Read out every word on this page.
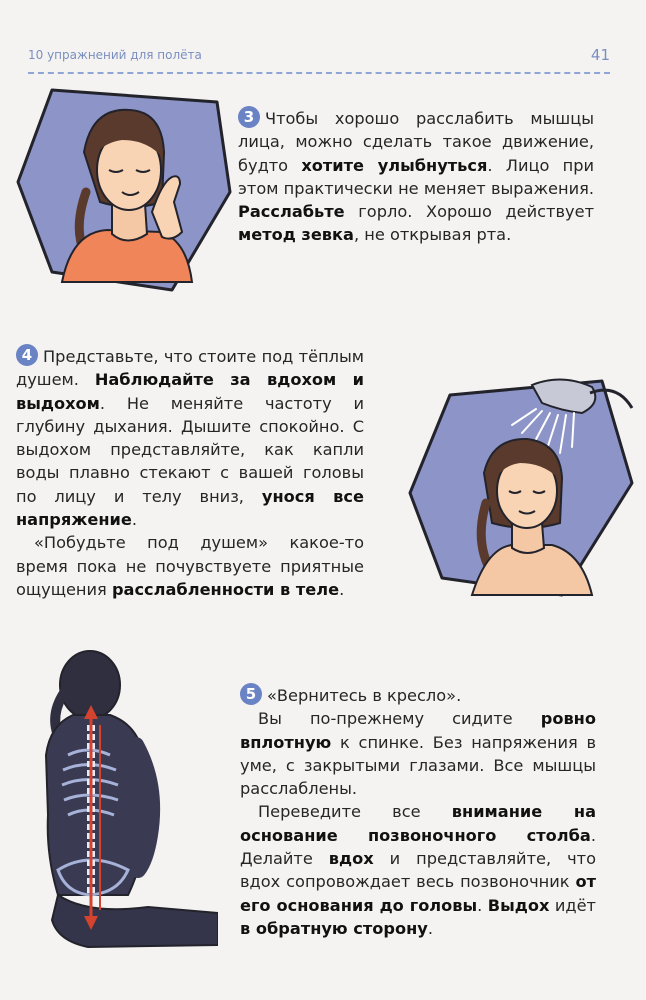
10 упражнений для полёта	41

3 Чтобы хорошо расслабить мышцы лица, можно сделать такое движение, будто хотите улыбнуться. Лицо при этом практически не меняет выражения. Расслабьте горло. Хорошо действует метод зевка, не открывая рта.

4 Представьте, что стоите под тёплым душем. Наблюдайте за вдохом и выдохом. Не меняйте частоту и глубину дыхания. Дышите спокойно. С выдохом представляйте, как капли воды плавно стекают с вашей головы по лицу и телу вниз, унося все напряжение.

«Побудьте под душем» какое-то время пока не почувствуете приятные ощущения расслабленности в теле.

5 «Вернитесь в кресло».

Вы по-прежнему сидите ровно вплотную к спинке. Без напряжения в уме, с закрытыми глазами. Все мышцы расслаблены.

Переведите все внимание на основание позвоночного столба. Делайте вдох и представляйте, что вдох сопровождает весь позвоночник от его основания до головы. Выдох идёт в обратную сторону.
